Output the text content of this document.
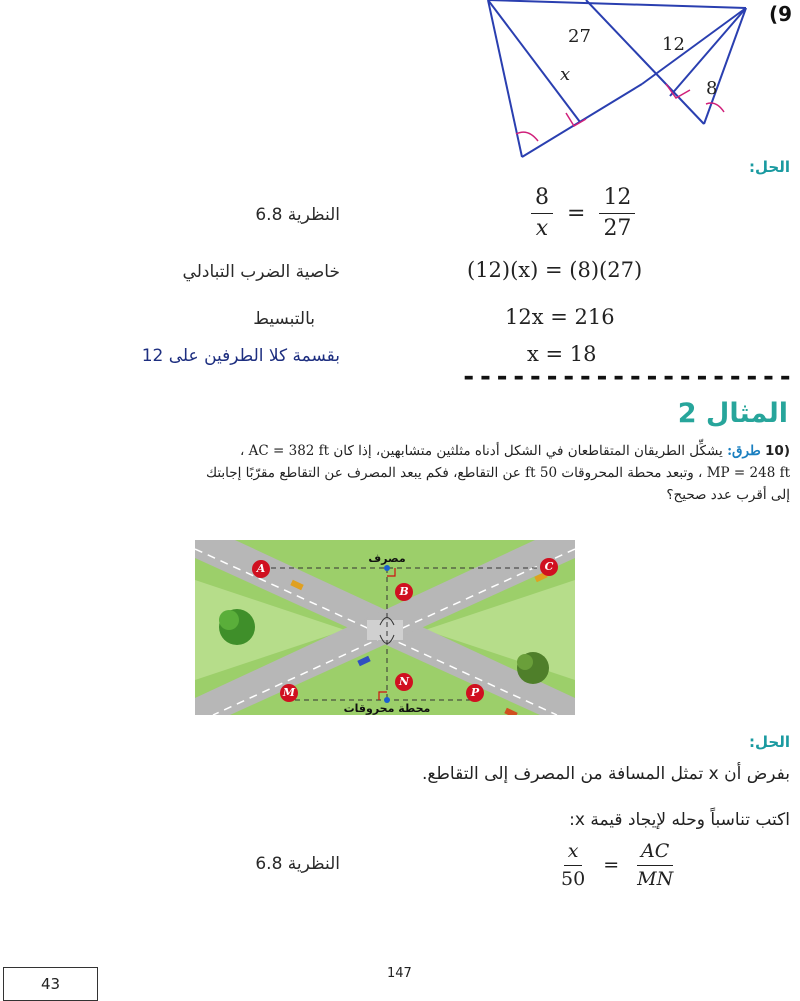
27	12
x
8
(9
الحل:
$\frac{8}{x} = \frac{12}{27}$
النظرية 6.8
(12)(x) = (8)(27)
خاصية الضرب التبادلي
12x = 216
بالتبسيط
x = 18
بقسمة كلا الطرفين على 12
--------------------
المثال 2
(10 طرق: يشكِّل الطريقان المتقاطعان في الشكل أدناه مثلثين متشابهين، إذا كان AC = 382 ft ،
MP = 248 ft ، وتبعد محطة المحروقات 50 ft عن التقاطع، فكم يبعد المصرف عن التقاطع مقرّبًا إجابتك
إلى أقرب عدد صحيح؟
مصرف
محطة محروقات
A	C
B
N
M	P
الحل:
بفرض أن x تمثل المسافة من المصرف إلى التقاطع.
اكتب تناسباً وحله لإيجاد قيمة x:
$\frac{x}{50} = \frac{AC}{MN}$
النظرية 6.8
147
43
